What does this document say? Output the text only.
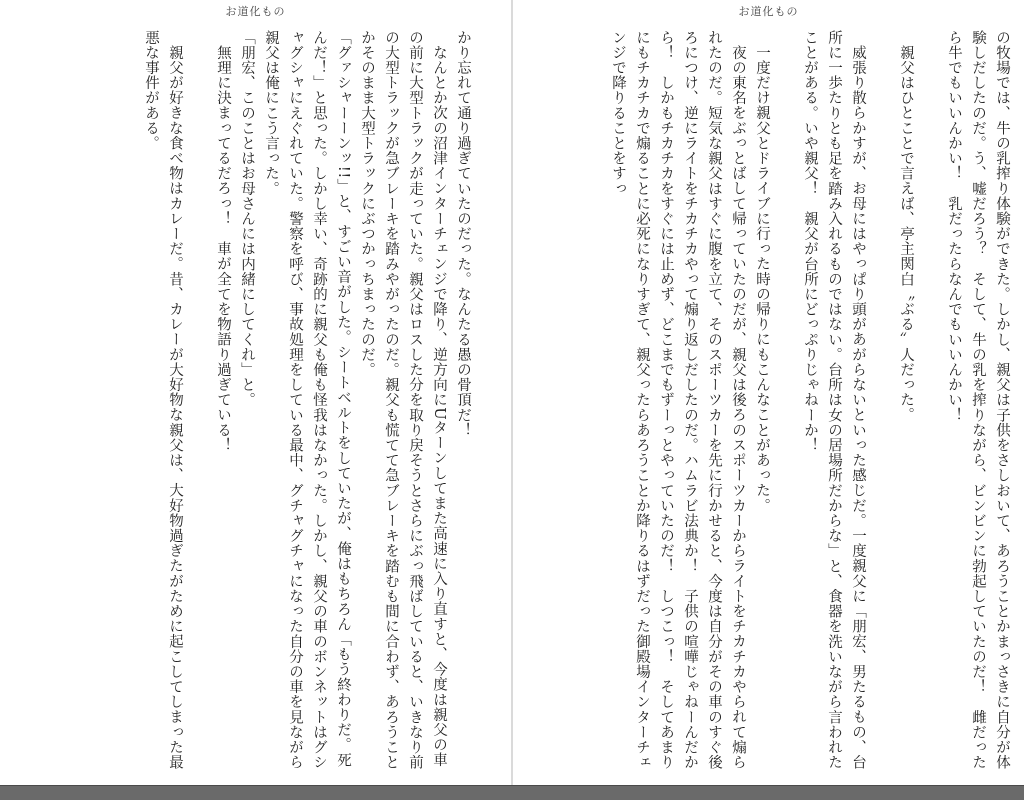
お道化もの

かり忘れて通り過ぎていたのだった。なんたる愚の骨頂だ！

なんとか次の沼津インターチェンジで降り、逆方向にUターンしてまた高速に入り直すと、今度は親父の車の前に大型トラックが走っていた。親父はロスした分を取り戻そうとさらにぶっ飛ばしていると、いきなり前の大型トラックが急ブレーキを踏みやがったのだ。親父も慌てて急ブレーキを踏むも間に合わず、あろうことかそのまま大型トラックにぶつかっちまったのだ。

「グァシャーーンッ!!」と、すごい音がした。シートベルトをしていたが、俺はもちろん「もう終わりだ。死んだ！」と思った。しかし幸い、奇跡的に親父も俺も怪我はなかった。しかし、親父の車のボンネットはグシャグシャにえぐれていた。警察を呼び、事故処理をしている最中、グチャグチャになった自分の車を見ながら親父は俺にこう言った。

「朋宏、このことはお母さんには内緒にしてくれ」と。

無理に決まってるだろっ！　車が全てを物語り過ぎている！

親父が好きな食べ物はカレーだ。昔、カレーが大好物な親父は、大好物過ぎたがために起こしてしまった最悪な事件がある。

お道化もの

の牧場では、牛の乳搾り体験ができた。しかし、親父は子供をさしおいて、あろうことかまっさきに自分が体験しだしたのだ。う、嘘だろう？　そして、牛の乳を搾りながら、ビンビンに勃起していたのだ！　雌だったら牛でもいいんかい！　乳だったらなんでもいいんかい！

親父はひとことで言えば、亭主関白〝ぶる〟人だった。

威張り散らかすが、お母にはやっぱり頭があがらないといった感じだ。一度親父に「朋宏、男たるもの、台所に一歩たりとも足を踏み入れるものではない。台所は女の居場所だからな」と、食器を洗いながら言われたことがある。いや親父！　親父が台所にどっぷりじゃねーか！

一度だけ親父とドライブに行った時の帰りにもこんなことがあった。

夜の東名をぶっとばして帰っていたのだが、親父は後ろのスポーツカーからライトをチカチカやられて煽られたのだ。短気な親父はすぐに腹を立て、そのスポーツカーを先に行かせると、今度は自分がその車のすぐ後ろにつけ、逆にライトをチカチカやって煽り返しだしたのだ。ハムラビ法典か！　子供の喧嘩じゃねーんだから！　しかもチカチカをすぐには止めず、どこまでもずーっとやっていたのだ！　しつこっ！　そしてあまりにもチカチカで煽ることに必死になりすぎて、親父ったらあろうことか降りるはずだった御殿場インターチェンジで降りることをすっ
